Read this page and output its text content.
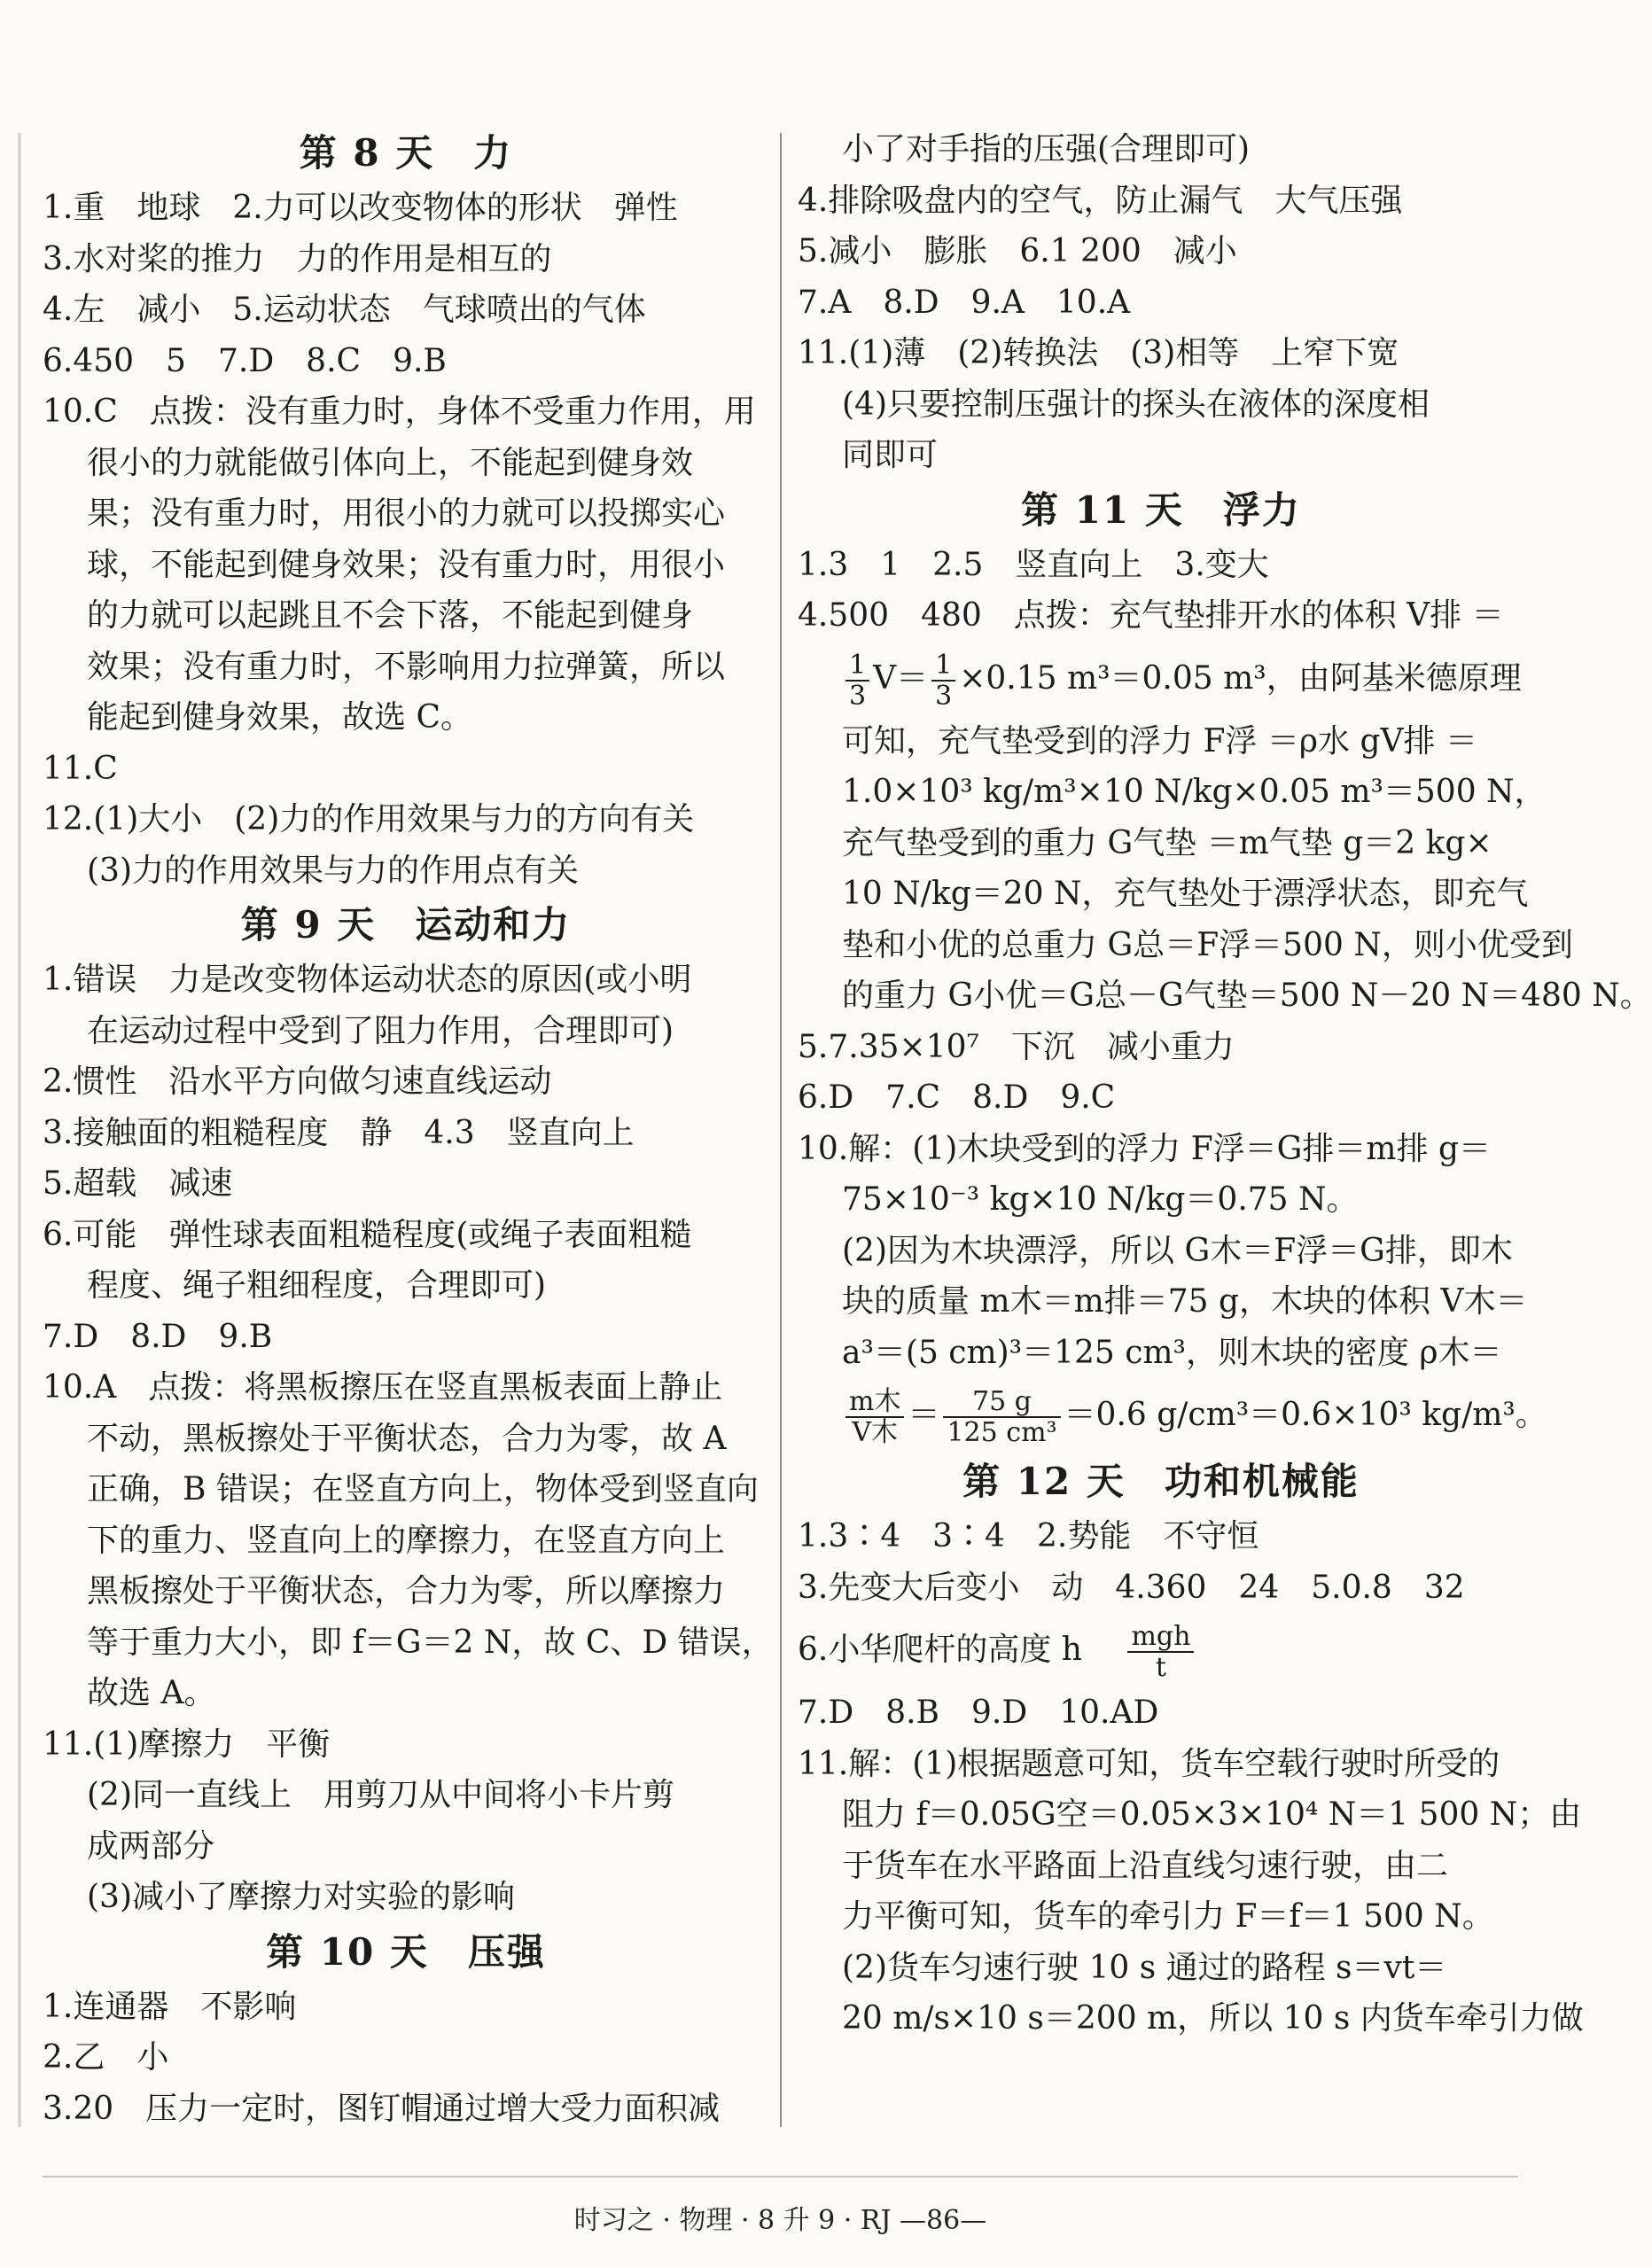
第 8 天　力
1.重　地球　2.力可以改变物体的形状　弹性
3.水对桨的推力　力的作用是相互的
4.左　减小　5.运动状态　气球喷出的气体
6.450　5　7.D　8.C　9.B
10.C　点拨：没有重力时，身体不受重力作用，用
很小的力就能做引体向上，不能起到健身效
果；没有重力时，用很小的力就可以投掷实心
球，不能起到健身效果；没有重力时，用很小
的力就可以起跳且不会下落，不能起到健身
效果；没有重力时，不影响用力拉弹簧，所以
能起到健身效果，故选 C。
11.C
12.(1)大小　(2)力的作用效果与力的方向有关
(3)力的作用效果与力的作用点有关
第 9 天　运动和力
1.错误　力是改变物体运动状态的原因(或小明
在运动过程中受到了阻力作用，合理即可)
2.惯性　沿水平方向做匀速直线运动
3.接触面的粗糙程度　静　4.3　竖直向上
5.超载　减速
6.可能　弹性球表面粗糙程度(或绳子表面粗糙
程度、绳子粗细程度，合理即可)
7.D　8.D　9.B
10.A　点拨：将黑板擦压在竖直黑板表面上静止
不动，黑板擦处于平衡状态，合力为零，故 A
正确，B 错误；在竖直方向上，物体受到竖直向
下的重力、竖直向上的摩擦力，在竖直方向上
黑板擦处于平衡状态，合力为零，所以摩擦力
等于重力大小，即 f＝G＝2 N，故 C、D 错误，
故选 A。
11.(1)摩擦力　平衡
(2)同一直线上　用剪刀从中间将小卡片剪
成两部分
(3)减小了摩擦力对实验的影响
第 10 天　压强
1.连通器　不影响
2.乙　小
3.20　压力一定时，图钉帽通过增大受力面积减
小了对手指的压强(合理即可)
4.排除吸盘内的空气，防止漏气　大气压强
5.减小　膨胀　6.1 200　减小
7.A　8.D　9.A　10.A
11.(1)薄　(2)转换法　(3)相等　上窄下宽
(4)只要控制压强计的探头在液体的深度相
同即可
第 11 天　浮力
1.3　1　2.5　竖直向上　3.变大
4.500　480　点拨：充气垫排开水的体积 V排 ＝
$\frac{1}{3} V= \frac{1}{3} \times 0.15$ m³＝0.05 m³，由阿基米德原理
可知，充气垫受到的浮力 F浮 ＝ρ水 gV排 ＝
1.0×10³ kg/m³×10 N/kg×0.05 m³＝500 N，
充气垫受到的重力 G气垫 ＝m气垫 g＝2 kg×
10 N/kg＝20 N，充气垫处于漂浮状态，即充气
垫和小优的总重力 G总＝F浮＝500 N，则小优受到
的重力 G小优＝G总－G气垫＝500 N－20 N＝480 N。
5.7.35×10⁷　下沉　减小重力
6.D　7.C　8.D　9.C
10.解：(1)木块受到的浮力 F浮＝G排＝m排 g＝
75×10⁻³ kg×10 N/kg＝0.75 N。
(2)因为木块漂浮，所以 G木＝F浮＝G排，即木
块的质量 m木＝m排＝75 g，木块的体积 V木＝
a³＝(5 cm)³＝125 cm³，则木块的密度 ρ木＝
$\frac{\text{m木}}{\text{V木}} = \frac{75 g}{\text{125 cm³}} =0.6$ g/cm³＝0.6×10³ kg/m³。
第 12 天　功和机械能
1.3∶4　3∶4　2.势能　不守恒
3.先变大后变小　动　4.360　24　5.0.8　32
6.小华爬杆的高度 h $\frac{\text{mgh}}{t}$
7.D　8.B　9.D　10.AD
11.解：(1)根据题意可知，货车空载行驶时所受的
阻力 f＝0.05G空＝0.05×3×10⁴ N＝1 500 N；由
于货车在水平路面上沿直线匀速行驶，由二
力平衡可知，货车的牵引力 F＝f＝1 500 N。
(2)货车匀速行驶 10 s 通过的路程 s＝vt＝
20 m/s×10 s＝200 m，所以 10 s 内货车牵引力做
时习之 · 物理 · 8 升 9 · RJ —86—
